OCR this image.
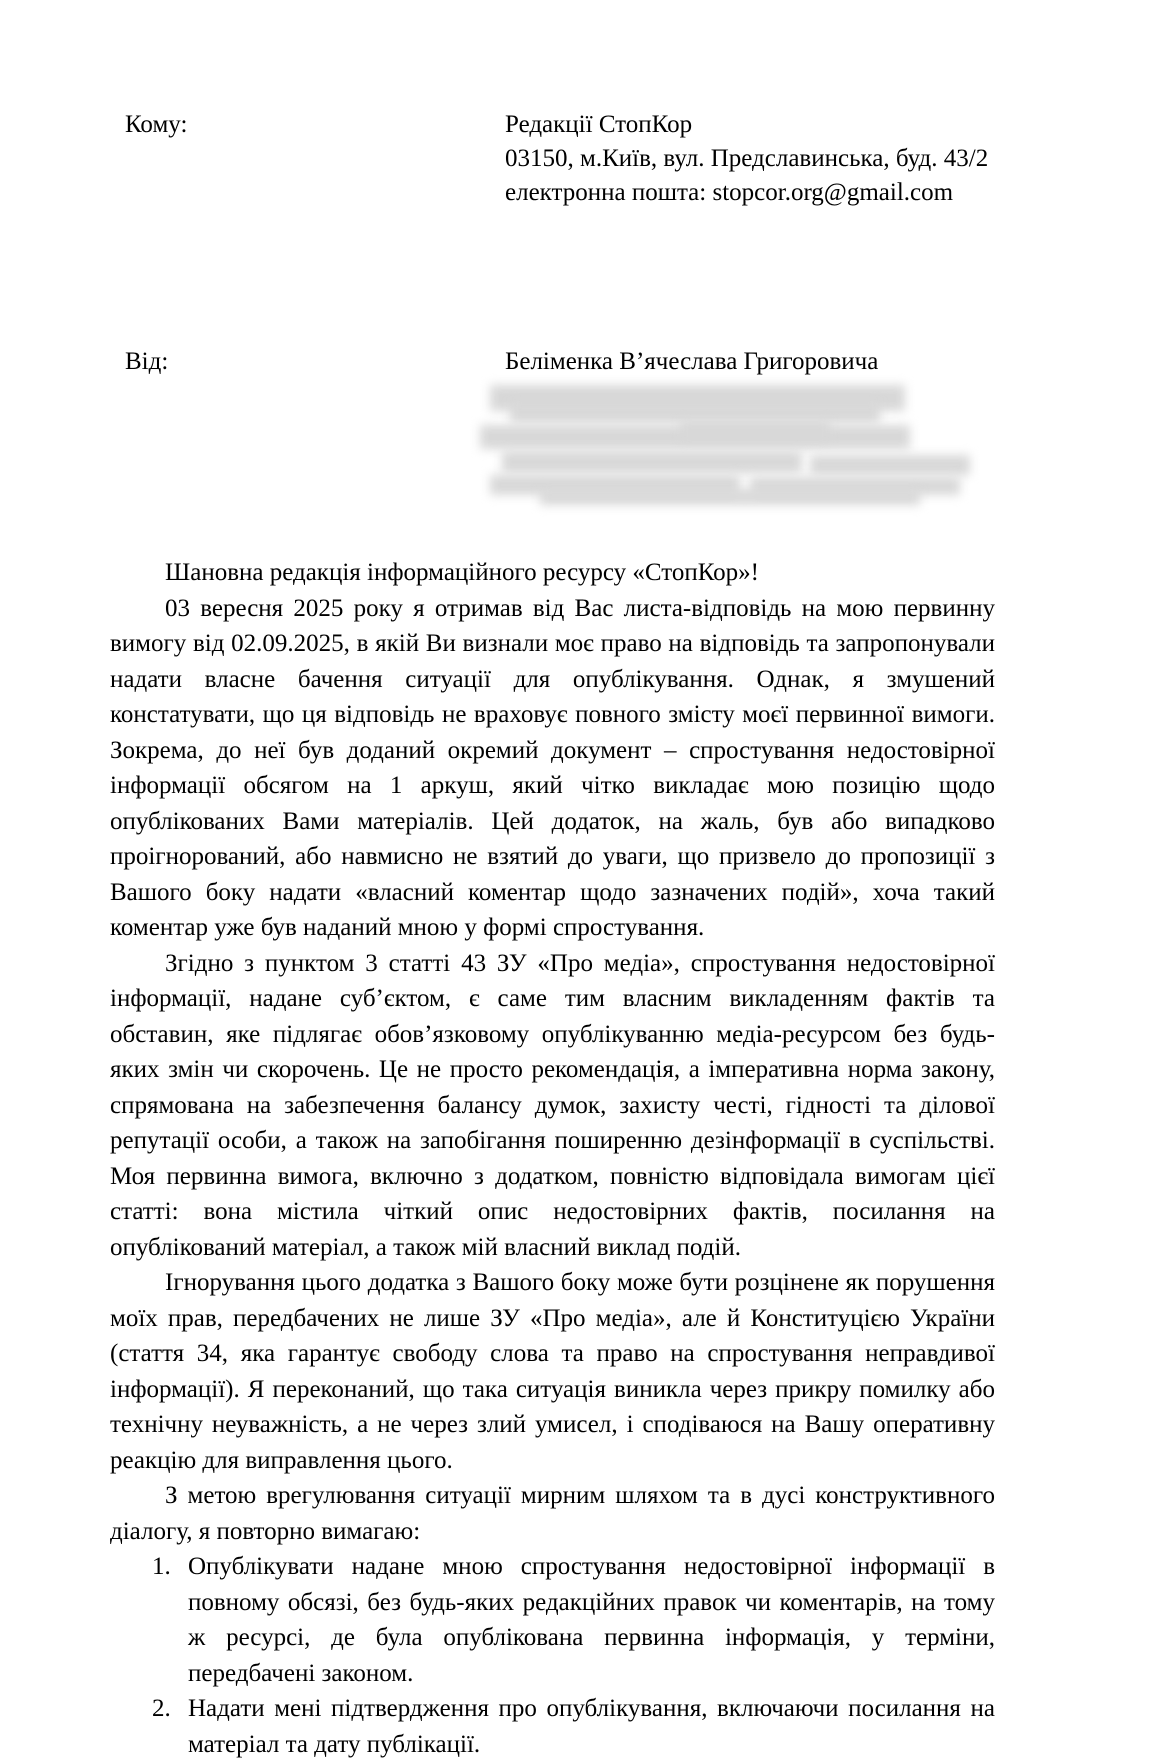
Кому:	Редакції СтопКор
03150, м.Київ, вул. Предславинська, буд. 43/2
електронна пошта: stopcor.org@gmail.com
Від:	Беліменка В’ячеслава Григоровича

Шановна редакція інформаційного ресурсу «СтопКор»!

03 вересня 2025 року я отримав від Вас листа-відповідь на мою первинну вимогу від 02.09.2025, в якій Ви визнали моє право на відповідь та запропонували надати власне бачення ситуації для опублікування. Однак, я змушений констатувати, що ця відповідь не враховує повного змісту моєї первинної вимоги. Зокрема, до неї був доданий окремий документ – спростування недостовірної інформації обсягом на 1 аркуш, який чітко викладає мою позицію щодо опублікованих Вами матеріалів. Цей додаток, на жаль, був або випадково проігнорований, або навмисно не взятий до уваги, що призвело до пропозиції з Вашого боку надати «власний коментар щодо зазначених подій», хоча такий коментар уже був наданий мною у формі спростування.

Згідно з пунктом 3 статті 43 ЗУ «Про медіа», спростування недостовірної інформації, надане суб’єктом, є саме тим власним викладенням фактів та обставин, яке підлягає обов’язковому опублікуванню медіа-ресурсом без будь-яких змін чи скорочень. Це не просто рекомендація, а імперативна норма закону, спрямована на забезпечення балансу думок, захисту честі, гідності та ділової репутації особи, а також на запобігання поширенню дезінформації в суспільстві. Моя первинна вимога, включно з додатком, повністю відповідала вимогам цієї статті: вона містила чіткий опис недостовірних фактів, посилання на опублікований матеріал, а також мій власний виклад подій.

Ігнорування цього додатка з Вашого боку може бути розцінене як порушення моїх прав, передбачених не лише ЗУ «Про медіа», але й Конституцією України (стаття 34, яка гарантує свободу слова та право на спростування неправдивої інформації). Я переконаний, що така ситуація виникла через прикру помилку або технічну неуважність, а не через злий умисел, і сподіваюся на Вашу оперативну реакцію для виправлення цього.

З метою врегулювання ситуації мирним шляхом та в дусі конструктивного діалогу, я повторно вимагаю:

Опублікувати надане мною спростування недостовірної інформації в повному обсязі, без будь-яких редакційних правок чи коментарів, на тому ж ресурсі, де була опублікована первинна інформація, у терміни, передбачені законом.
Надати мені підтвердження про опублікування, включаючи посилання на матеріал та дату публікації.
